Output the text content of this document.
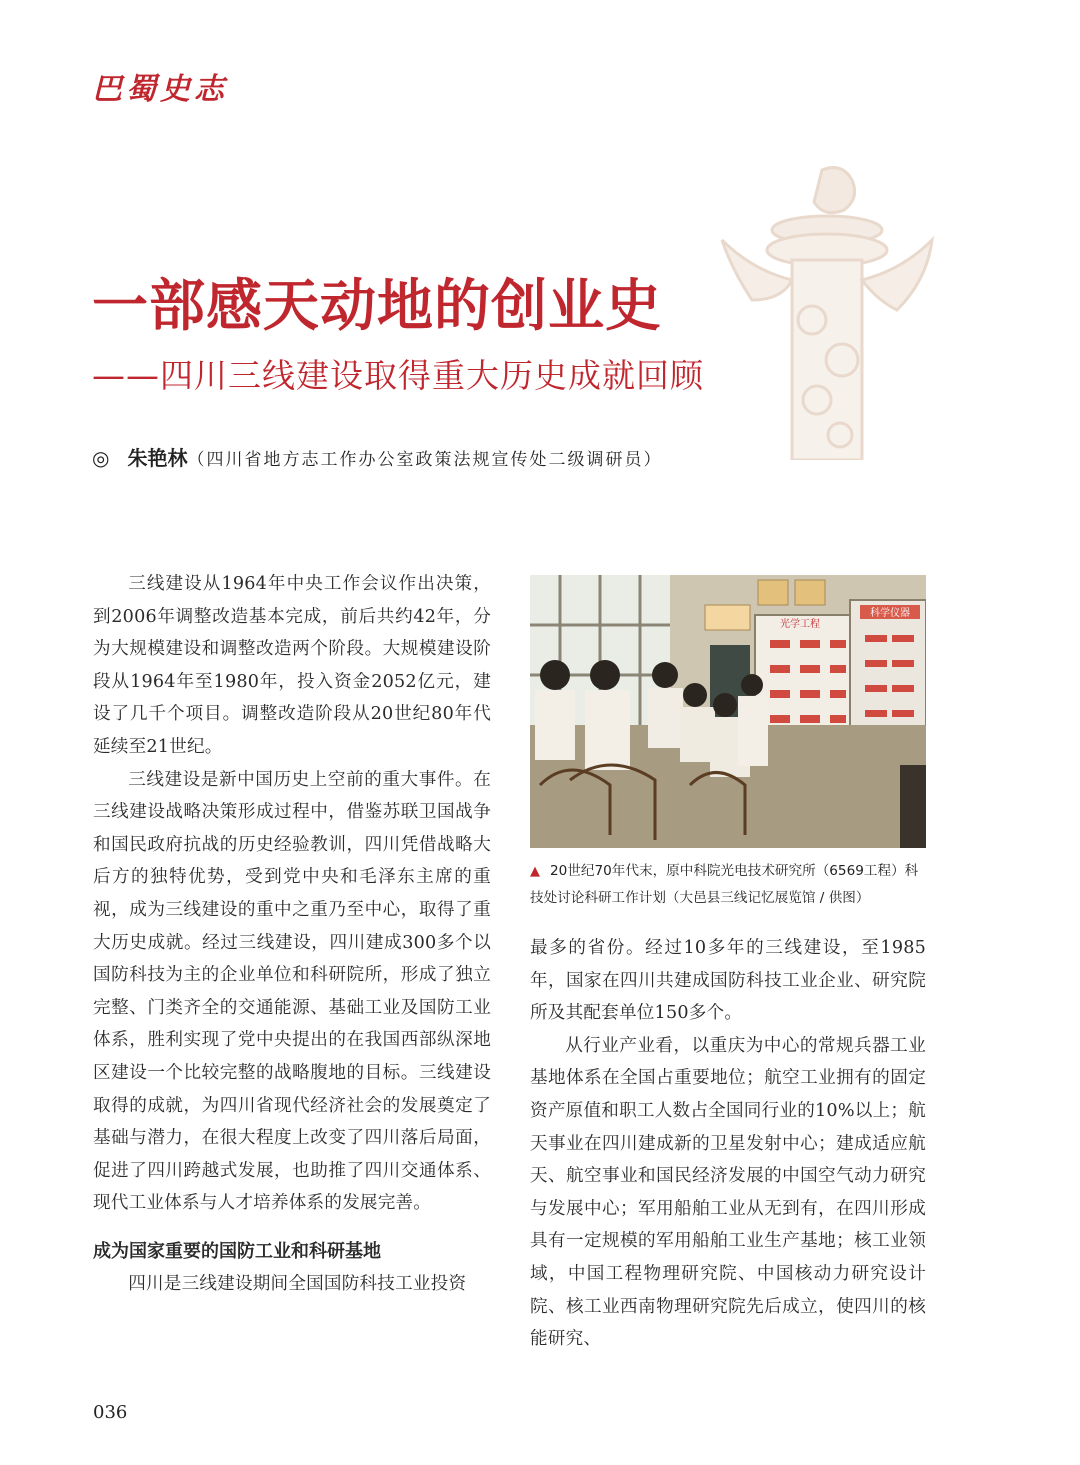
巴蜀史志
一部感天动地的创业史
——四川三线建设取得重大历史成就回顾
◎ 朱艳林（四川省地方志工作办公室政策法规宣传处二级调研员）

三线建设从1964年中央工作会议作出决策，到2006年调整改造基本完成，前后共约42年，分为大规模建设和调整改造两个阶段。大规模建设阶段从1964年至1980年，投入资金2052亿元，建设了几千个项目。调整改造阶段从20世纪80年代延续至21世纪。

三线建设是新中国历史上空前的重大事件。在三线建设战略决策形成过程中，借鉴苏联卫国战争和国民政府抗战的历史经验教训，四川凭借战略大后方的独特优势，受到党中央和毛泽东主席的重视，成为三线建设的重中之重乃至中心，取得了重大历史成就。经过三线建设，四川建成300多个以国防科技为主的企业单位和科研院所，形成了独立完整、门类齐全的交通能源、基础工业及国防工业体系，胜利实现了党中央提出的在我国西部纵深地区建设一个比较完整的战略腹地的目标。三线建设取得的成就，为四川省现代经济社会的发展奠定了基础与潜力，在很大程度上改变了四川落后局面，促进了四川跨越式发展，也助推了四川交通体系、现代工业体系与人才培养体系的发展完善。

成为国家重要的国防工业和科研基地

四川是三线建设期间全国国防科技工业投资

科学仪器
光学工程
▲ 20世纪70年代末，原中科院光电技术研究所（6569工程）科技处讨论科研工作计划（大邑县三线记忆展览馆 / 供图）

最多的省份。经过10多年的三线建设，至1985年，国家在四川共建成国防科技工业企业、研究院所及其配套单位150多个。

从行业产业看，以重庆为中心的常规兵器工业基地体系在全国占重要地位；航空工业拥有的固定资产原值和职工人数占全国同行业的10%以上；航天事业在四川建成新的卫星发射中心；建成适应航天、航空事业和国民经济发展的中国空气动力研究与发展中心；军用船舶工业从无到有，在四川形成具有一定规模的军用船舶工业生产基地；核工业领域，中国工程物理研究院、中国核动力研究设计院、核工业西南物理研究院先后成立，使四川的核能研究、

036
